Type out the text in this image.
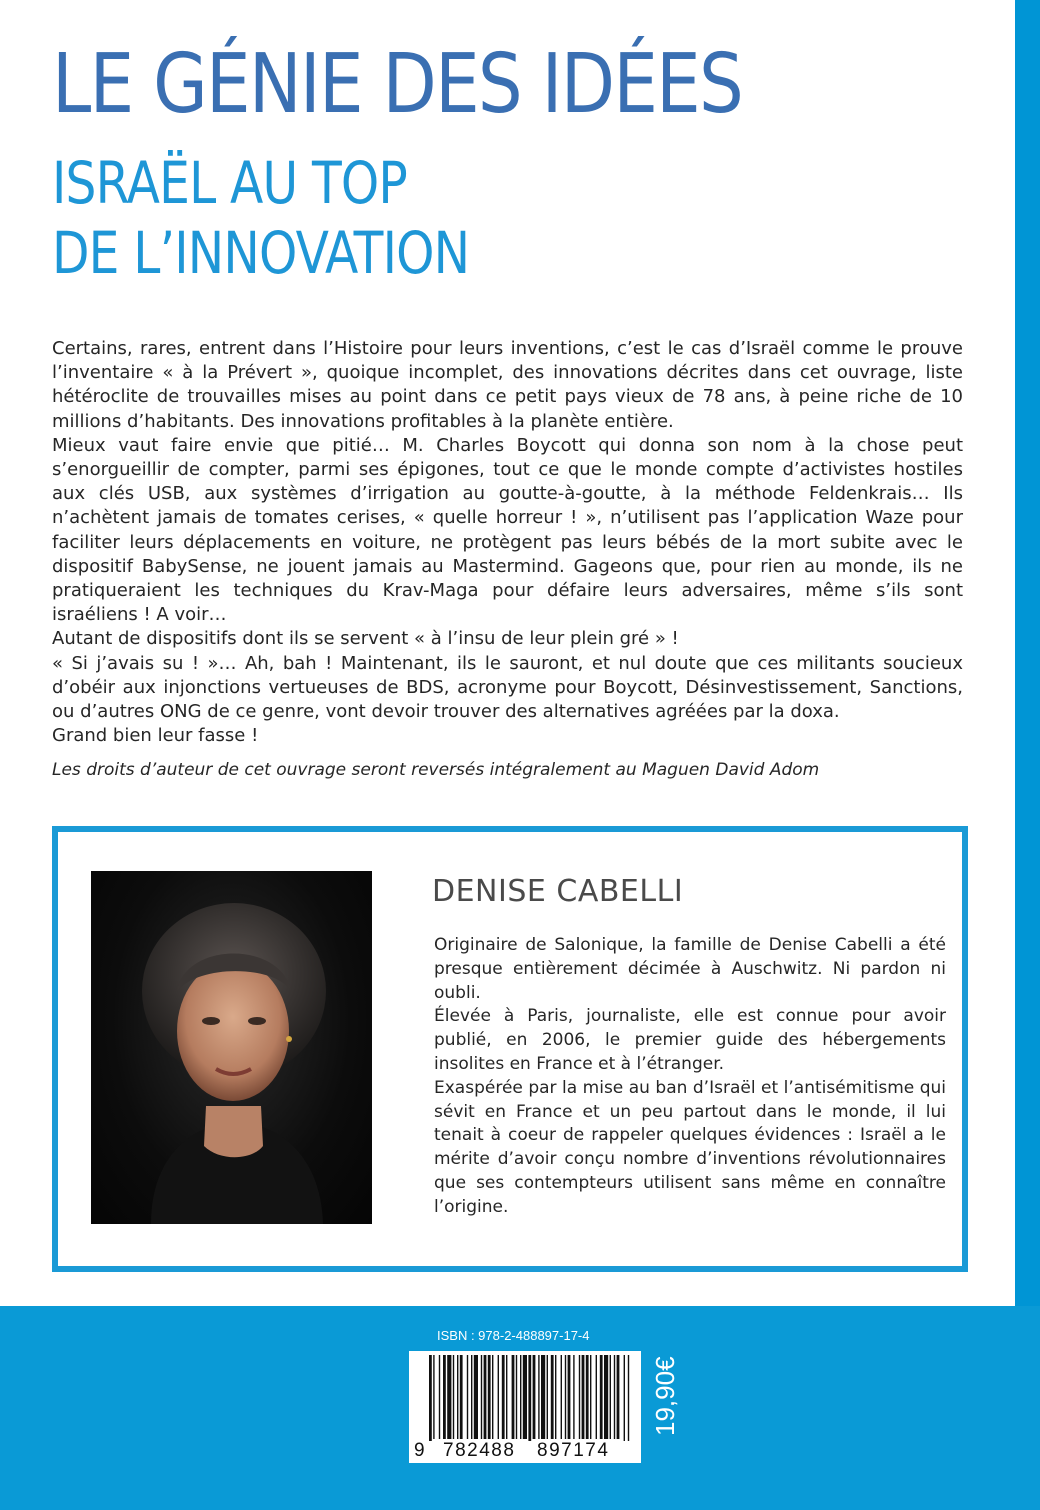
LE GÉNIE DES IDÉES
ISRAËL AU TOP
DE L’INNOVATION

Certains, rares, entrent dans l’Histoire pour leurs inventions, c’est le cas d’Israël comme le prouve l’inventaire « à la Prévert », quoique incomplet, des innovations décrites dans cet ouvrage, liste hétéroclite de trouvailles mises au point dans ce petit pays vieux de 78 ans, à peine riche de 10 millions d’habitants. Des innovations profitables à la planète entière.

Mieux vaut faire envie que pitié… M. Charles Boycott qui donna son nom à la chose peut s’enorgueillir de compter, parmi ses épigones, tout ce que le monde compte d’activistes hostiles aux clés USB, aux systèmes d’irrigation au goutte-à-goutte, à la méthode Feldenkrais… Ils n’achètent jamais de tomates cerises, « quelle horreur ! », n’utilisent pas l’application Waze pour faciliter leurs déplacements en voiture, ne protègent pas leurs bébés de la mort subite avec le dispositif BabySense, ne jouent jamais au Mastermind. Gageons que, pour rien au monde, ils ne pratiqueraient les techniques du Krav-Maga pour défaire leurs adversaires, même s’ils sont israéliens ! A voir…

Autant de dispositifs dont ils se servent « à l’insu de leur plein gré » !

« Si j’avais su ! »… Ah, bah ! Maintenant, ils le sauront, et nul doute que ces militants soucieux d’obéir aux injonctions vertueuses de BDS, acronyme pour Boycott, Désinvestissement, Sanctions, ou d’autres ONG de ce genre, vont devoir trouver des alternatives agréées par la doxa.

Grand bien leur fasse !

Les droits d’auteur de cet ouvrage seront reversés intégralement au Maguen David Adom
DENISE CABELLI

Originaire de Salonique, la famille de Denise Cabelli a été presque entièrement décimée à Auschwitz. Ni pardon ni oubli.

Élevée à Paris, journaliste, elle est connue pour avoir publié, en 2006, le premier guide des hébergements insolites en France et à l’étranger.

Exaspérée par la mise au ban d’Israël et l’antisémitisme qui sévit en France et un peu partout dans le monde, il lui tenait à coeur de rappeler quelques évidences : Israël a le mérite d’avoir conçu nombre d’inventions révolutionnaires que ses contempteurs utilisent sans même en connaître l’origine.

ISBN : 978-2-488897-17-4
9 782488 897174
19,90€
